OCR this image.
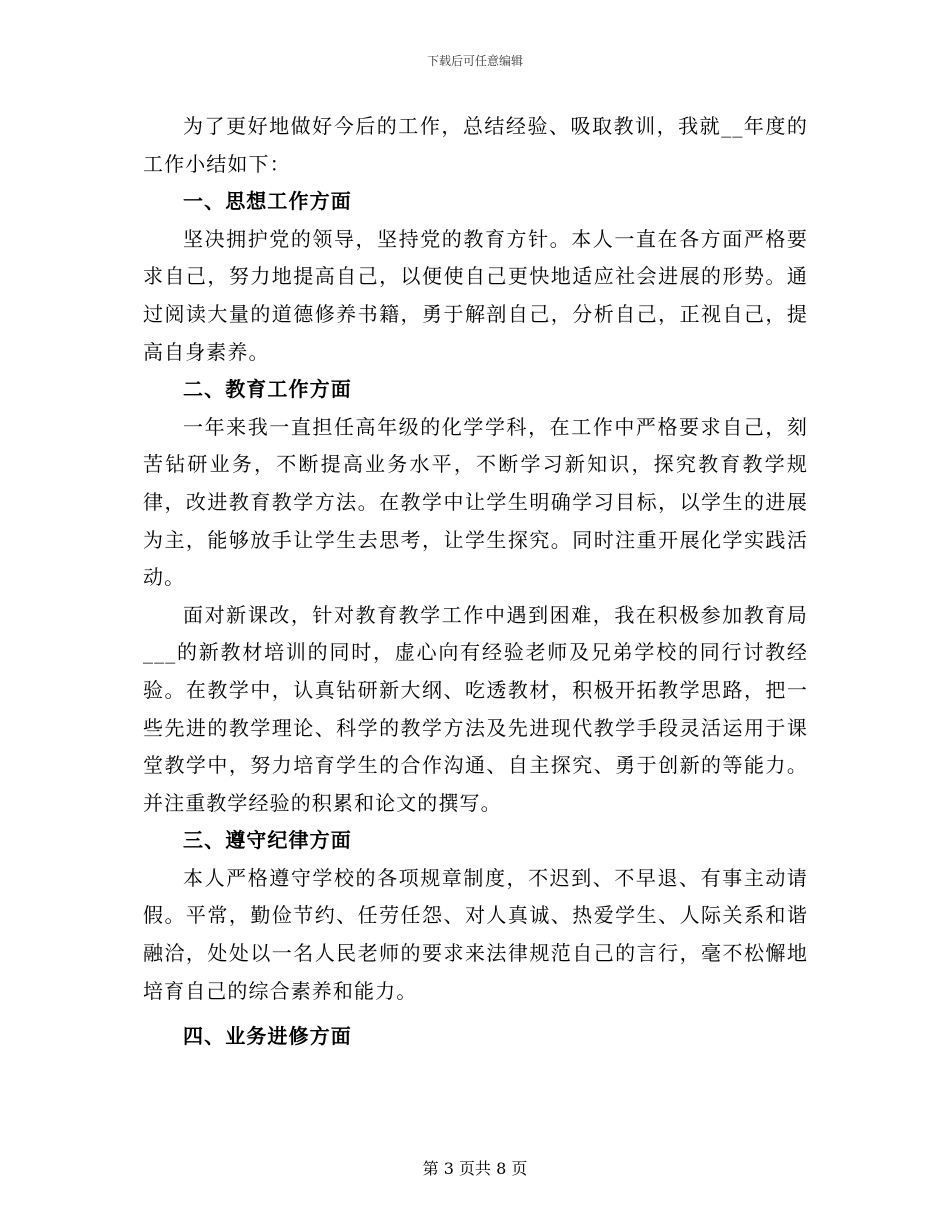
下载后可任意编辑

为了更好地做好今后的工作，总结经验、吸取教训，我就__年度的工作小结如下：

一、思想工作方面

坚决拥护党的领导，坚持党的教育方针。本人一直在各方面严格要求自己，努力地提高自己，以便使自己更快地适应社会进展的形势。通过阅读大量的道德修养书籍，勇于解剖自己，分析自己，正视自己，提高自身素养。

二、教育工作方面

一年来我一直担任高年级的化学学科，在工作中严格要求自己，刻苦钻研业务，不断提高业务水平，不断学习新知识，探究教育教学规律，改进教育教学方法。在教学中让学生明确学习目标，以学生的进展为主，能够放手让学生去思考，让学生探究。同时注重开展化学实践活动。

面对新课改，针对教育教学工作中遇到困难，我在积极参加教育局___的新教材培训的同时，虚心向有经验老师及兄弟学校的同行讨教经验。在教学中，认真钻研新大纲、吃透教材，积极开拓教学思路，把一些先进的教学理论、科学的教学方法及先进现代教学手段灵活运用于课堂教学中，努力培育学生的合作沟通、自主探究、勇于创新的等能力。并注重教学经验的积累和论文的撰写。

三、遵守纪律方面

本人严格遵守学校的各项规章制度，不迟到、不早退、有事主动请假。平常，勤俭节约、任劳任怨、对人真诚、热爱学生、人际关系和谐融洽，处处以一名人民老师的要求来法律规范自己的言行，毫不松懈地培育自己的综合素养和能力。

四、业务进修方面

第 3 页共 8 页
